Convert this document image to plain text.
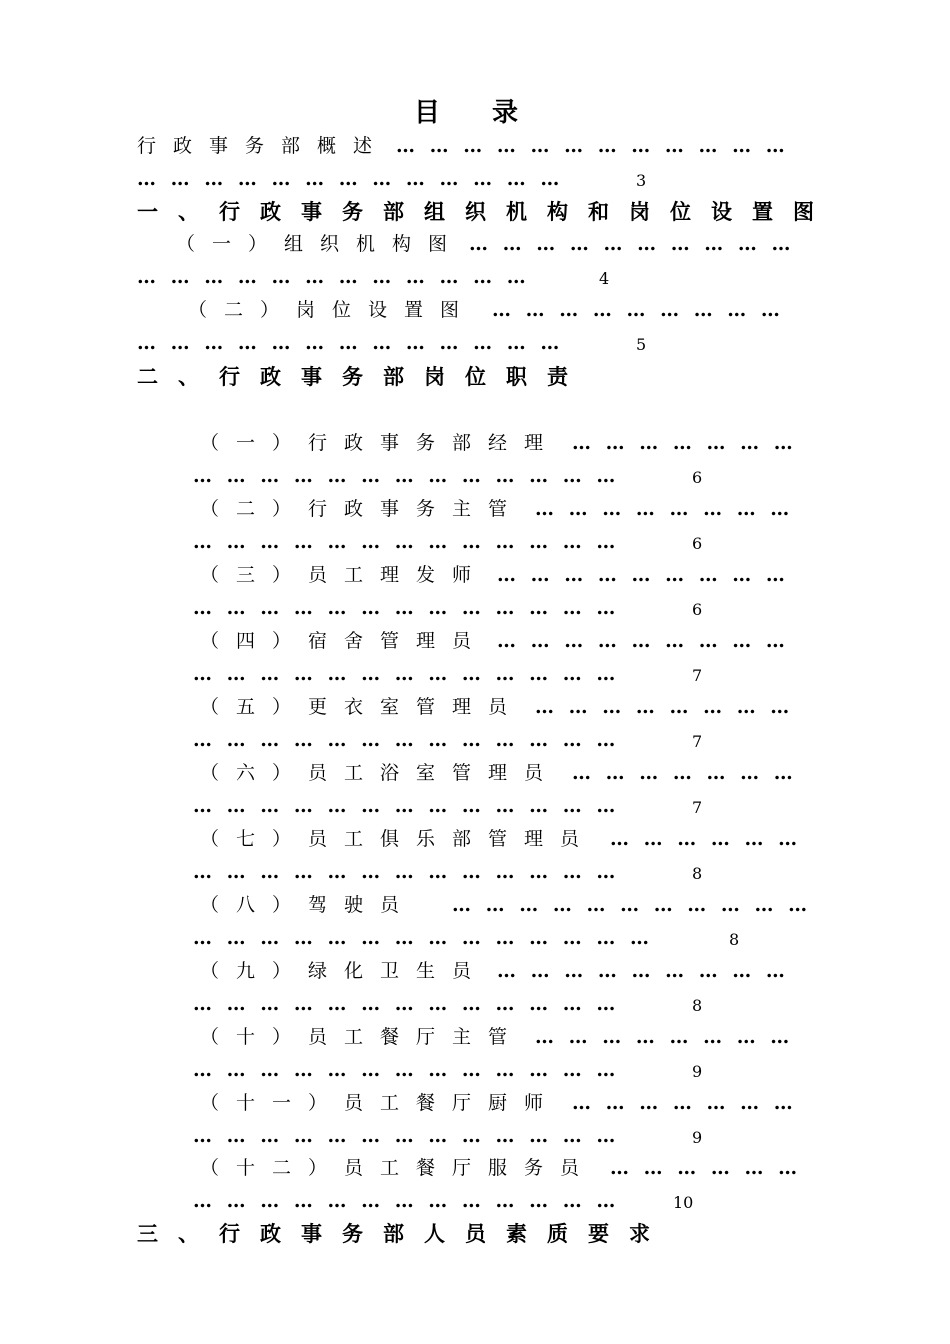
目　　录
行政事务部概述 … … … … … … … … … … … …
… … … … … … … … … … … … …	3
一、行政事务部组织机构和岗位设置图
（一）组织机构图 … … … … … … … … … …
… … … … … … … … … … … …	4
（二）岗位设置图 … … … … … … … … …
… … … … … … … … … … … … …	5
二、行政事务部岗位职责
（一）行政事务部经理 … … … … … … …
… … … … … … … … … … … … …	6
（二）行政事务主管 … … … … … … … …
… … … … … … … … … … … … …	6
（三）员工理发师 … … … … … … … … …
… … … … … … … … … … … … …	6
（四）宿舍管理员 … … … … … … … … …
… … … … … … … … … … … … …	7
（五）更衣室管理员 … … … … … … … …
… … … … … … … … … … … … …	7
（六）员工浴室管理员 … … … … … … …
… … … … … … … … … … … … …	7
（七）员工俱乐部管理员 … … … … … …
… … … … … … … … … … … … …	8
（八）驾驶员 … … … … … … … … … … …
… … … … … … … … … … … … … …	8
（九）绿化卫生员 … … … … … … … … …
… … … … … … … … … … … … …	8
（十）员工餐厅主管 … … … … … … … …
… … … … … … … … … … … … …	9
（十一）员工餐厅厨师 … … … … … … …
… … … … … … … … … … … … …	9
（十二）员工餐厅服务员 … … … … … …
… … … … … … … … … … … … …	10
三、行政事务部人员素质要求
